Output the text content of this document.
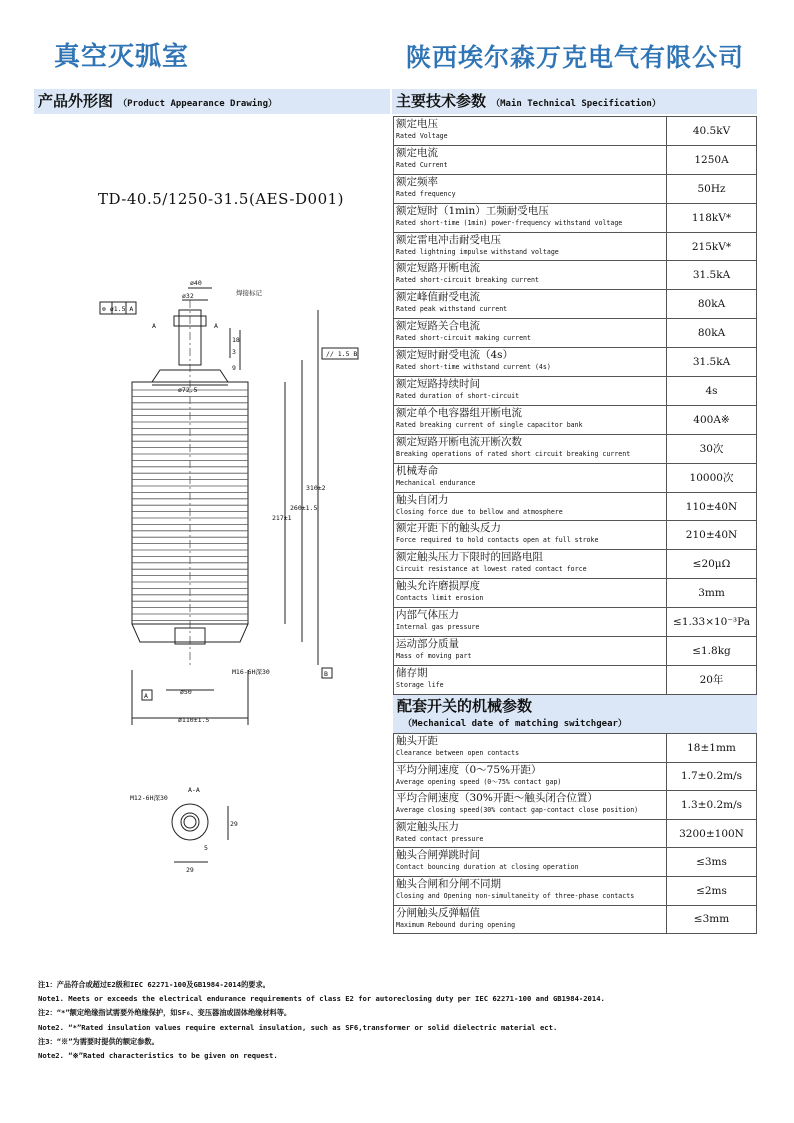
真空灭弧室	陕西埃尔森万克电气有限公司
产品外形图 （Product Appearance Drawing）	主要技术参数 （Main Technical Specification）
TD-40.5/1250-31.5(AES-D001)
ø40
ø32	焊接标记
⊚ ø1.5 A
// 1.5 B
A	A
18
3
9
ø72.5
217±1
260±1.5
310±2
M16-6H深30	B
A	ø50
ø110±1.5
A-A
M12-6H深30
29
5
29
额定电压
Rated Voltage	40.5kV

额定电流
Rated Current	1250A

额定频率
Rated frequency	50Hz

额定短时（1min）工频耐受电压
Rated short-time (1min) power-frequency withstand voltage	118kV*

额定雷电冲击耐受电压
Rated lightning impulse withstand voltage	215kV*

额定短路开断电流
Rated short-circuit breaking current	31.5kA

额定峰值耐受电流
Rated peak withstand current	80kA

额定短路关合电流
Rated short-circuit making current	80kA

额定短时耐受电流（4s）
Rated short-time withstand current (4s)	31.5kA

额定短路持续时间
Rated duration of short-circuit	4s

额定单个电容器组开断电流
Rated breaking current of single capacitor bank	400A※

额定短路开断电流开断次数
Breaking operations of rated short circuit breaking current	30次

机械寿命
Mechanical endurance	10000次

触头自闭力
Closing force due to bellow and atmosphere	110±40N

额定开距下的触头反力
Force required to hold contacts open at full stroke	210±40N

额定触头压力下限时的回路电阻
Circuit resistance at lowest rated contact force	≤20μΩ

触头允许磨损厚度
Contacts limit erosion	3mm

内部气体压力
Internal gas pressure	≤1.33×10⁻³Pa

运动部分质量
Mass of moving part	≤1.8kg

储存期
Storage life	20年
配套开关的机械参数
（Mechanical date of matching switchgear）
触头开距
Clearance between open contacts	18±1mm

平均分闸速度（0～75%开距）
Average opening speed (0～75% contact gap)	1.7±0.2m/s

平均合闸速度（30%开距～触头闭合位置）
Average closing speed(30% contact gap-contact close position)	1.3±0.2m/s

额定触头压力
Rated contact pressure	3200±100N

触头合闸弹跳时间
Contact bouncing duration at closing operation	≤3ms

触头合闸和分闸不同期
Closing and Opening non-simultaneity of three-phase contacts	≤2ms

分闸触头反弹幅值
Maximum Rebound during opening	≤3mm
注1：产品符合或超过E2级和IEC 62271-100及GB1984-2014的要求。
Note1. Meets or exceeds the electrical endurance requirements of class E2 for autoreclosing duty per IEC 62271-100 and GB1984-2014.
注2：“*”额定绝缘指试需要外绝缘保护，如SF₆、变压器油或固体绝缘材料等。
Note2. “*”Rated insulation values require external insulation, such as SF6,transformer or solid dielectric material ect.
注3：“※”为需要时提供的额定参数。
Note2. “※”Rated characteristics to be given on request.
